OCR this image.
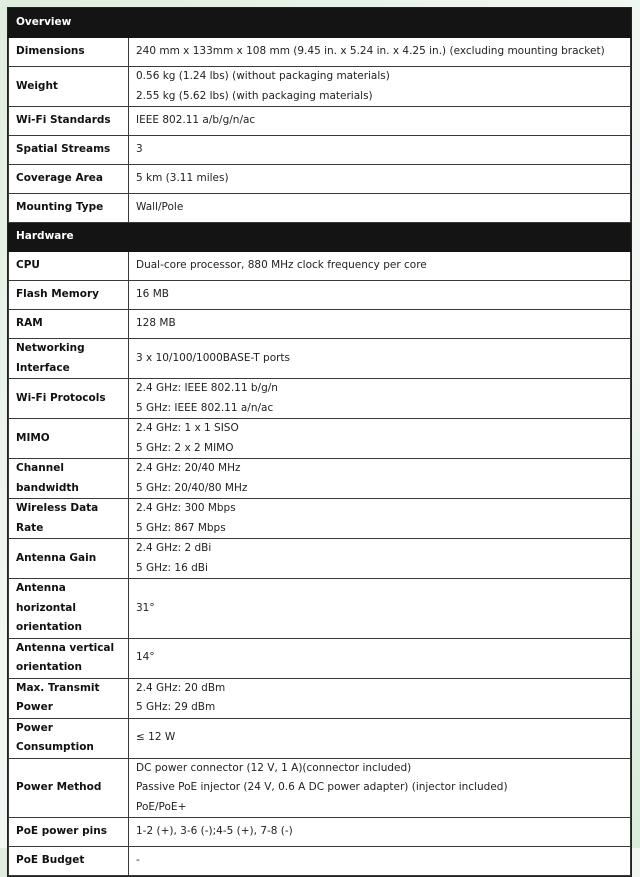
Overview	
Dimensions	240 mm x 133mm x 108 mm (9.45 in. x 5.24 in. x 4.25 in.) (excluding mounting bracket)

Weight	0.56 kg (1.24 lbs) (without packaging materials)
2.55 kg (5.62 lbs) (with packaging materials)

Wi-Fi Standards	IEEE 802.11 a/b/g/n/ac

Spatial Streams	3

Coverage Area	5 km (3.11 miles)

Mounting Type	Wall/Pole

Hardware	
CPU	Dual-core processor, 880 MHz clock frequency per core

Flash Memory	16 MB

RAM	128 MB

Networking Interface	3 x 10/100/1000BASE-T ports

Wi-Fi Protocols	2.4 GHz: IEEE 802.11 b/g/n
5 GHz: IEEE 802.11 a/n/ac

MIMO	2.4 GHz: 1 x 1 SISO
5 GHz: 2 x 2 MIMO

Channel bandwidth	2.4 GHz: 20/40 MHz
5 GHz: 20/40/80 MHz

Wireless Data Rate	2.4 GHz: 300 Mbps
5 GHz: 867 Mbps

Antenna Gain	2.4 GHz: 2 dBi
5 GHz: 16 dBi

Antenna horizontal orientation	31°

Antenna vertical orientation	14°

Max. Transmit Power	2.4 GHz: 20 dBm
5 GHz: 29 dBm

Power Consumption	≤ 12 W

Power Method	DC power connector (12 V, 1 A)(connector included)
Passive PoE injector (24 V, 0.6 A DC power adapter) (injector included)
PoE/PoE+

PoE power pins	1-2 (+), 3-6 (-);4-5 (+), 7-8 (-)

PoE Budget	-
